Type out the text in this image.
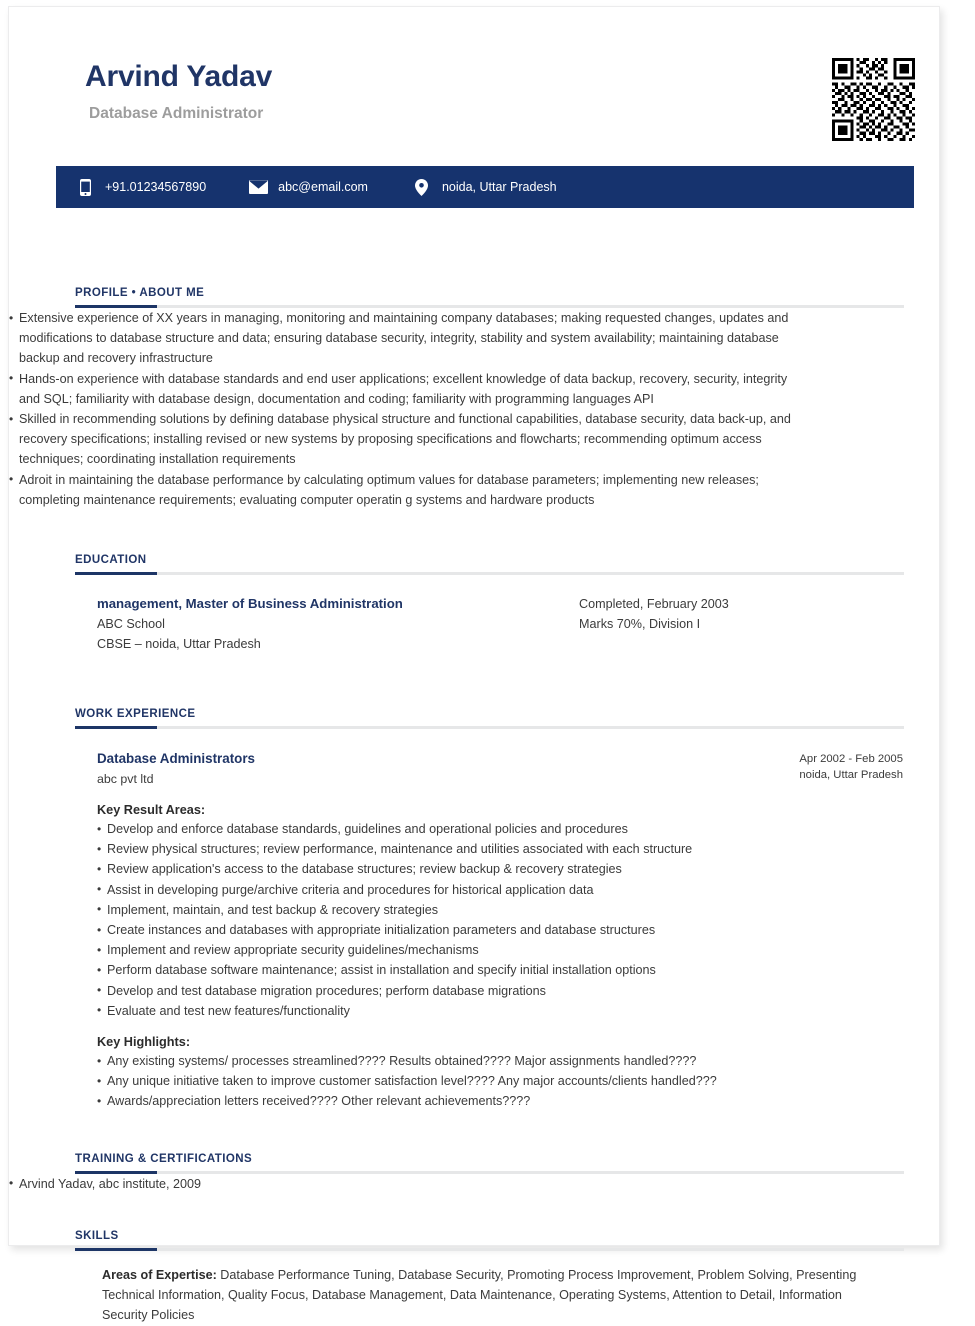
Arvind Yadav
Database Administrator
+91.01234567890	abc@email.com	noida, Uttar Pradesh
PROFILE • ABOUT ME
• Extensive experience of XX years in managing, monitoring and maintaining company databases; making requested changes, updates and modifications to database structure and data; ensuring database security, integrity, stability and system availability; maintaining database backup and recovery infrastructure
• Hands-on experience with database standards and end user applications; excellent knowledge of data backup, recovery, security, integrity and SQL; familiarity with database design, documentation and coding; familiarity with programming languages API
• Skilled in recommending solutions by defining database physical structure and functional capabilities, database security, data back-up, and recovery specifications; installing revised or new systems by proposing specifications and flowcharts; recommending optimum access techniques; coordinating installation requirements
• Adroit in maintaining the database performance by calculating optimum values for database parameters; implementing new releases; completing maintenance requirements; evaluating computer operatin g systems and hardware products
EDUCATION
management, Master of Business Administration
ABC School
CBSE – noida, Uttar Pradesh
Completed, February 2003
Marks 70%, Division I
WORK EXPERIENCE
Database Administrators
abc pvt ltd
Apr 2002 - Feb 2005
noida, Uttar Pradesh
Key Result Areas:
• Develop and enforce database standards, guidelines and operational policies and procedures
• Review physical structures; review performance, maintenance and utilities associated with each structure
• Review application's access to the database structures; review backup & recovery strategies
• Assist in developing purge/archive criteria and procedures for historical application data
• Implement, maintain, and test backup & recovery strategies
• Create instances and databases with appropriate initialization parameters and database structures
• Implement and review appropriate security guidelines/mechanisms
• Perform database software maintenance; assist in installation and specify initial installation options
• Develop and test database migration procedures; perform database migrations
• Evaluate and test new features/functionality
Key Highlights:
• Any existing systems/ processes streamlined???? Results obtained???? Major assignments handled????
• Any unique initiative taken to improve customer satisfaction level???? Any major accounts/clients handled???
• Awards/appreciation letters received???? Other relevant achievements????
TRAINING & CERTIFICATIONS
• Arvind Yadav, abc institute, 2009
SKILLS
Areas of Expertise: Database Performance Tuning, Database Security, Promoting Process Improvement, Problem Solving, Presenting Technical Information, Quality Focus, Database Management, Data Maintenance, Operating Systems, Attention to Detail, Information Security Policies
